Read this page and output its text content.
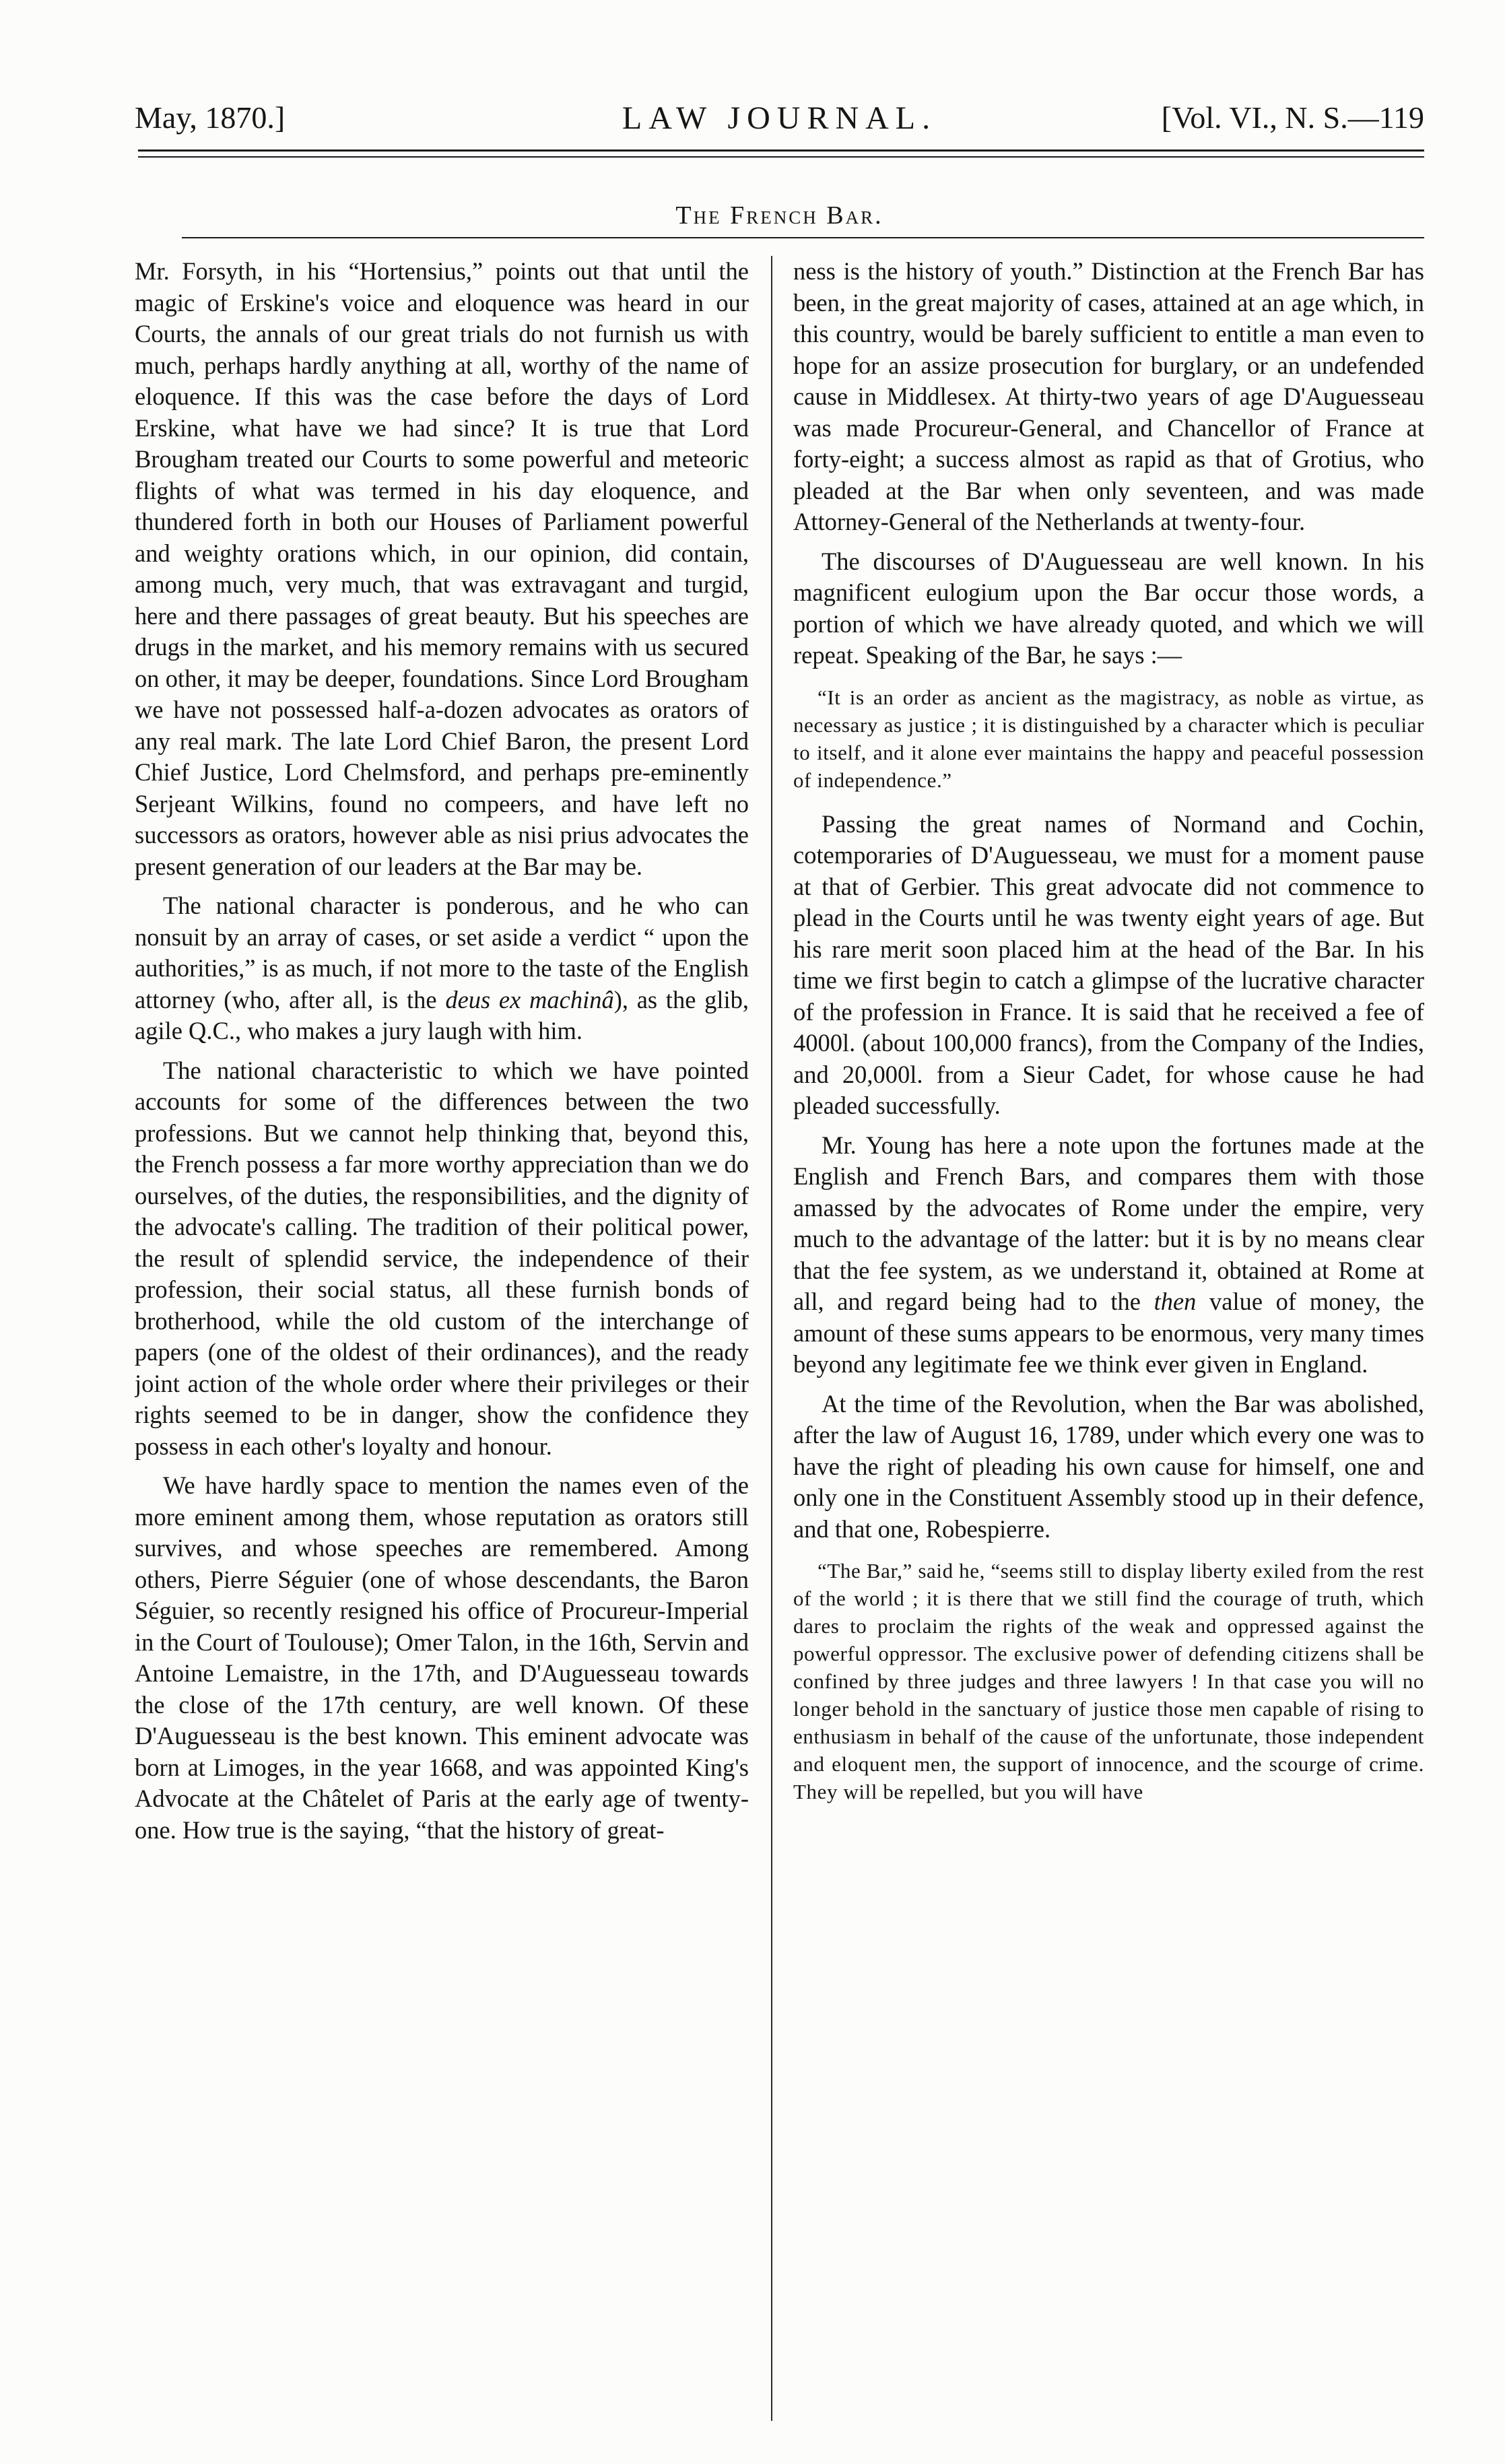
May, 1870.]	LAW JOURNAL.	[Vol. VI., N. S.—119
The French Bar.

Mr. Forsyth, in his “Hortensius,” points out that until the magic of Erskine's voice and eloquence was heard in our Courts, the annals of our great trials do not furnish us with much, perhaps hardly anything at all, worthy of the name of eloquence. If this was the case before the days of Lord Erskine, what have we had since? It is true that Lord Brougham treated our Courts to some powerful and meteoric flights of what was termed in his day eloquence, and thundered forth in both our Houses of Parliament powerful and weighty orations which, in our opinion, did contain, among much, very much, that was extravagant and turgid, here and there passages of great beauty. But his speeches are drugs in the market, and his memory remains with us secured on other, it may be deeper, foundations. Since Lord Brougham we have not possessed half-a-dozen advocates as orators of any real mark. The late Lord Chief Baron, the present Lord Chief Justice, Lord Chelmsford, and perhaps pre-eminently Serjeant Wilkins, found no compeers, and have left no successors as orators, however able as nisi prius advocates the present generation of our leaders at the Bar may be.

The national character is ponderous, and he who can nonsuit by an array of cases, or set aside a verdict “ upon the authorities,” is as much, if not more to the taste of the English attorney (who, after all, is the deus ex machinâ), as the glib, agile Q.C., who makes a jury laugh with him.

The national characteristic to which we have pointed accounts for some of the differences between the two professions. But we cannot help thinking that, beyond this, the French possess a far more worthy appreciation than we do ourselves, of the duties, the responsibilities, and the dignity of the advocate's calling. The tradition of their political power, the result of splendid service, the independence of their profession, their social status, all these furnish bonds of brotherhood, while the old custom of the interchange of papers (one of the oldest of their ordinances), and the ready joint action of the whole order where their privileges or their rights seemed to be in danger, show the confidence they possess in each other's loyalty and honour.

We have hardly space to mention the names even of the more eminent among them, whose reputation as orators still survives, and whose speeches are remembered. Among others, Pierre Séguier (one of whose descendants, the Baron Séguier, so recently resigned his office of Procureur-Imperial in the Court of Toulouse); Omer Talon, in the 16th, Servin and Antoine Lemaistre, in the 17th, and D'Auguesseau towards the close of the 17th century, are well known. Of these D'Auguesseau is the best known. This eminent advocate was born at Limoges, in the year 1668, and was appointed King's Advocate at the Châtelet of Paris at the early age of twenty-one. How true is the saying, “that the history of great-

ness is the history of youth.” Distinction at the French Bar has been, in the great majority of cases, attained at an age which, in this country, would be barely sufficient to entitle a man even to hope for an assize prosecution for burglary, or an undefended cause in Middlesex. At thirty-two years of age D'Auguesseau was made Procureur-General, and Chancellor of France at forty-eight; a success almost as rapid as that of Grotius, who pleaded at the Bar when only seventeen, and was made Attorney-General of the Netherlands at twenty-four.

The discourses of D'Auguesseau are well known. In his magnificent eulogium upon the Bar occur those words, a portion of which we have already quoted, and which we will repeat. Speaking of the Bar, he says :—

“It is an order as ancient as the magistracy, as noble as virtue, as necessary as justice ; it is distinguished by a character which is peculiar to itself, and it alone ever maintains the happy and peaceful possession of independence.”

Passing the great names of Normand and Cochin, cotemporaries of D'Auguesseau, we must for a moment pause at that of Gerbier. This great advocate did not commence to plead in the Courts until he was twenty eight years of age. But his rare merit soon placed him at the head of the Bar. In his time we first begin to catch a glimpse of the lucrative character of the profession in France. It is said that he received a fee of 4000l. (about 100,000 francs), from the Company of the Indies, and 20,000l. from a Sieur Cadet, for whose cause he had pleaded successfully.

Mr. Young has here a note upon the fortunes made at the English and French Bars, and compares them with those amassed by the advocates of Rome under the empire, very much to the advantage of the latter: but it is by no means clear that the fee system, as we understand it, obtained at Rome at all, and regard being had to the then value of money, the amount of these sums appears to be enormous, very many times beyond any legitimate fee we think ever given in England.

At the time of the Revolution, when the Bar was abolished, after the law of August 16, 1789, under which every one was to have the right of pleading his own cause for himself, one and only one in the Constituent Assembly stood up in their defence, and that one, Robespierre.

“The Bar,” said he, “seems still to display liberty exiled from the rest of the world ; it is there that we still find the courage of truth, which dares to proclaim the rights of the weak and oppressed against the powerful oppressor. The exclusive power of defending citizens shall be confined by three judges and three lawyers ! In that case you will no longer behold in the sanctuary of justice those men capable of rising to enthusiasm in behalf of the cause of the unfortunate, those independent and eloquent men, the support of innocence, and the scourge of crime. They will be repelled, but you will have
